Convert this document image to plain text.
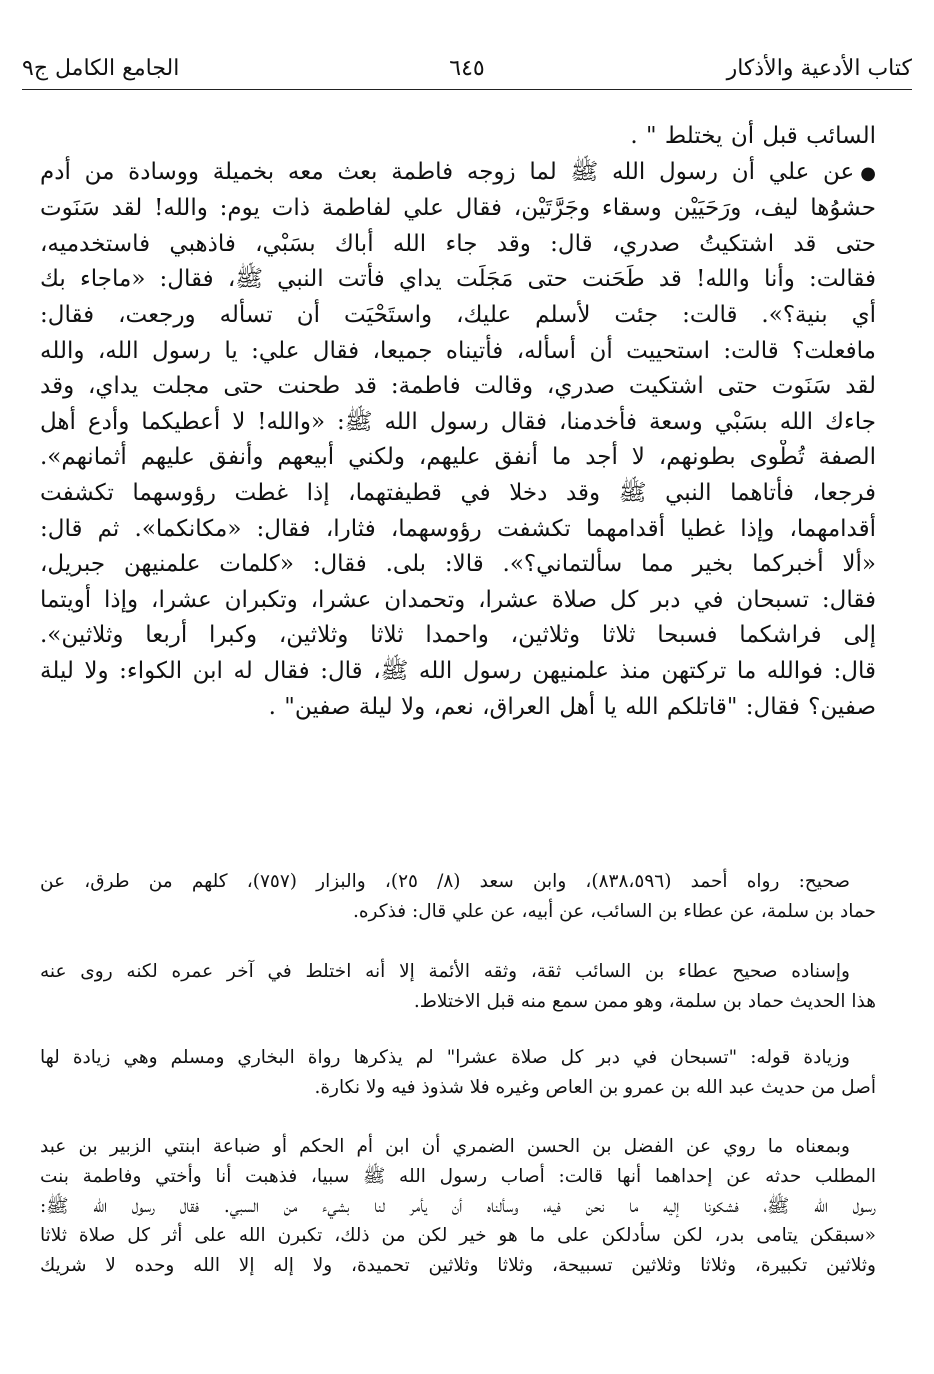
كتاب الأدعية والأذكار
٦٤٥
الجامع الكامل ج٩
السائب قبل أن يختلط " .
●عن علي أن رسول الله ﷺ لما زوجه فاطمة بعث معه بخميلة ووسادة من أدم
حشوُها ليف، ورَحَيَيْن وسقاء وجَرَّتَيْن، فقال علي لفاطمة ذات يوم: والله! لقد سَنَوت
حتى قد اشتكيتُ صدري، قال: وقد جاء الله أباك بسَبْي، فاذهبي فاستخدميه،
فقالت: وأنا والله! قد طَحَنت حتى مَجَلَت يداي فأتت النبي ﷺ، فقال: «ماجاء بك
أي بنية؟». قالت: جئت لأسلم عليك، واستَحْيَت أن تسأله ورجعت، فقال:
مافعلت؟ قالت: استحييت أن أسأله، فأتيناه جميعا، فقال علي: يا رسول الله، والله
لقد سَنَوت حتى اشتكيت صدري، وقالت فاطمة: قد طحنت حتى مجلت يداي، وقد
جاءك الله بسَبْي وسعة فأخدمنا، فقال رسول الله ﷺ: «والله! لا أعطيكما وأدع أهل
الصفة تُطْوى بطونهم، لا أجد ما أنفق عليهم، ولكني أبيعهم وأنفق عليهم أثمانهم».
فرجعا، فأتاهما النبي ﷺ وقد دخلا في قطيفتهما، إذا غطت رؤوسهما تكشفت
أقدامهما، وإذا غطيا أقدامهما تكشفت رؤوسهما، فثارا، فقال: «مكانكما». ثم قال:
«ألا أخبركما بخير مما سألتماني؟». قالا: بلى. فقال: «كلمات علمنيهن جبريل،
فقال: تسبحان في دبر كل صلاة عشرا، وتحمدان عشرا، وتكبران عشرا، وإذا أويتما
إلى فراشكما فسبحا ثلاثا وثلاثين، واحمدا ثلاثا وثلاثين، وكبرا أربعا وثلاثين».
قال: فوالله ما تركتهن منذ علمنيهن رسول الله ﷺ، قال: فقال له ابن الكواء: ولا ليلة
صفين؟ فقال: "قاتلكم الله يا أهل العراق، نعم، ولا ليلة صفين" .

صحيح: رواه أحمد (٨٣٨،٥٩٦)، وابن سعد (٨/ ٢٥)، والبزار (٧٥٧)، كلهم من طرق، عن
حماد بن سلمة، عن عطاء بن السائب، عن أبيه، عن علي قال: فذكره.

وإسناده صحيح عطاء بن السائب ثقة، وثقه الأئمة إلا أنه اختلط في آخر عمره لكنه روى عنه
هذا الحديث حماد بن سلمة، وهو ممن سمع منه قبل الاختلاط.

وزيادة قوله: "تسبحان في دبر كل صلاة عشرا" لم يذكرها رواة البخاري ومسلم وهي زيادة لها
أصل من حديث عبد الله بن عمرو بن العاص وغيره فلا شذوذ فيه ولا نكارة.

وبمعناه ما روي عن الفضل بن الحسن الضمري أن ابن أم الحكم أو ضباعة ابنتي الزبير بن عبد
المطلب حدثه عن إحداهما أنها قالت: أصاب رسول الله ﷺ سبيا، فذهبت أنا وأختي وفاطمة بنت
رسول الله ﷺ، فشكونا إليه ما نحن فيه، وسألناه أن يأمر لنا بشيء من السبي. فقال رسول الله ﷺ:
«سبقكن يتامى بدر، لكن سأدلكن على ما هو خير لكن من ذلك، تكبرن الله على أثر كل صلاة ثلاثا
وثلاثين تكبيرة، وثلاثا وثلاثين تسبيحة، وثلاثا وثلاثين تحميدة، ولا إله إلا الله وحده لا شريك
